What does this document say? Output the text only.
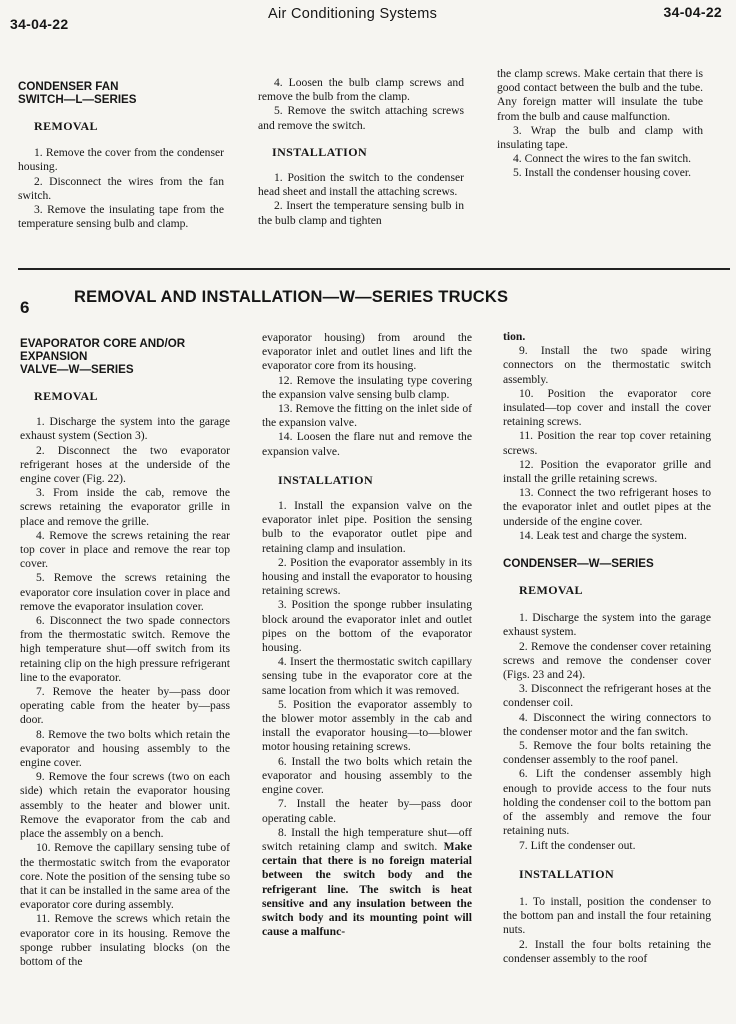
34-04-22
Air Conditioning Systems	34-04-22
CONDENSER FAN
SWITCH—L—SERIES
REMOVAL

1. Remove the cover from the condenser housing.

2. Disconnect the wires from the fan switch.

3. Remove the insulating tape from the temperature sensing bulb and clamp.

4. Loosen the bulb clamp screws and remove the bulb from the clamp.

5. Remove the switch attaching screws and remove the switch.

INSTALLATION

1. Position the switch to the condenser head sheet and install the attaching screws.

2. Insert the temperature sensing bulb in the bulb clamp and tighten

the clamp screws. Make certain that there is good contact between the bulb and the tube. Any foreign matter will insulate the tube from the bulb and cause malfunction.

3. Wrap the bulb and clamp with insulating tape.

4. Connect the wires to the fan switch.

5. Install the condenser housing cover.

6
REMOVAL AND INSTALLATION—W—SERIES TRUCKS
EVAPORATOR CORE AND/OR
EXPANSION
VALVE—W—SERIES
REMOVAL

1. Discharge the system into the garage exhaust system (Section 3).

2. Disconnect the two evaporator refrigerant hoses at the underside of the engine cover (Fig. 22).

3. From inside the cab, remove the screws retaining the evaporator grille in place and remove the grille.

4. Remove the screws retaining the rear top cover in place and remove the rear top cover.

5. Remove the screws retaining the evaporator core insulation cover in place and remove the evaporator insulation cover.

6. Disconnect the two spade connectors from the thermostatic switch. Remove the high temperature shut—off switch from its retaining clip on the high pressure refrigerant line to the evaporator.

7. Remove the heater by—pass door operating cable from the heater by—pass door.

8. Remove the two bolts which retain the evaporator and housing assembly to the engine cover.

9. Remove the four screws (two on each side) which retain the evaporator housing assembly to the heater and blower unit. Remove the evaporator from the cab and place the assembly on a bench.

10. Remove the capillary sensing tube of the thermostatic switch from the evaporator core. Note the position of the sensing tube so that it can be installed in the same area of the evaporator core during assembly.

11. Remove the screws which retain the evaporator core in its housing. Remove the sponge rubber insulating blocks (on the bottom of the

evaporator housing) from around the evaporator inlet and outlet lines and lift the evaporator core from its housing.

12. Remove the insulating type covering the expansion valve sensing bulb clamp.

13. Remove the fitting on the inlet side of the expansion valve.

14. Loosen the flare nut and remove the expansion valve.

INSTALLATION

1. Install the expansion valve on the evaporator inlet pipe. Position the sensing bulb to the evaporator outlet pipe and retaining clamp and insulation.

2. Position the evaporator assembly in its housing and install the evaporator to housing retaining screws.

3. Position the sponge rubber insulating block around the evaporator inlet and outlet pipes on the bottom of the evaporator housing.

4. Insert the thermostatic switch capillary sensing tube in the evaporator core at the same location from which it was removed.

5. Position the evaporator assembly to the blower motor assembly in the cab and install the evaporator housing—to—blower motor housing retaining screws.

6. Install the two bolts which retain the evaporator and housing assembly to the engine cover.

7. Install the heater by—pass door operating cable.

8. Install the high temperature shut—off switch retaining clamp and switch. Make certain that there is no foreign material between the switch body and the refrigerant line. The switch is heat sensitive and any insulation between the switch body and its mounting point will cause a malfunc-

tion.

9. Install the two spade wiring connectors on the thermostatic switch assembly.

10. Position the evaporator core insulated—top cover and install the cover retaining screws.

11. Position the rear top cover retaining screws.

12. Position the evaporator grille and install the grille retaining screws.

13. Connect the two refrigerant hoses to the evaporator inlet and outlet pipes at the underside of the engine cover.

14. Leak test and charge the system.

CONDENSER—W—SERIES
REMOVAL

1. Discharge the system into the garage exhaust system.

2. Remove the condenser cover retaining screws and remove the condenser cover (Figs. 23 and 24).

3. Disconnect the refrigerant hoses at the condenser coil.

4. Disconnect the wiring connectors to the condenser motor and the fan switch.

5. Remove the four bolts retaining the condenser assembly to the roof panel.

6. Lift the condenser assembly high enough to provide access to the four nuts holding the condenser coil to the bottom pan of the assembly and remove the four retaining nuts.

7. Lift the condenser out.

INSTALLATION

1. To install, position the condenser to the bottom pan and install the four retaining nuts.

2. Install the four bolts retaining the condenser assembly to the roof
